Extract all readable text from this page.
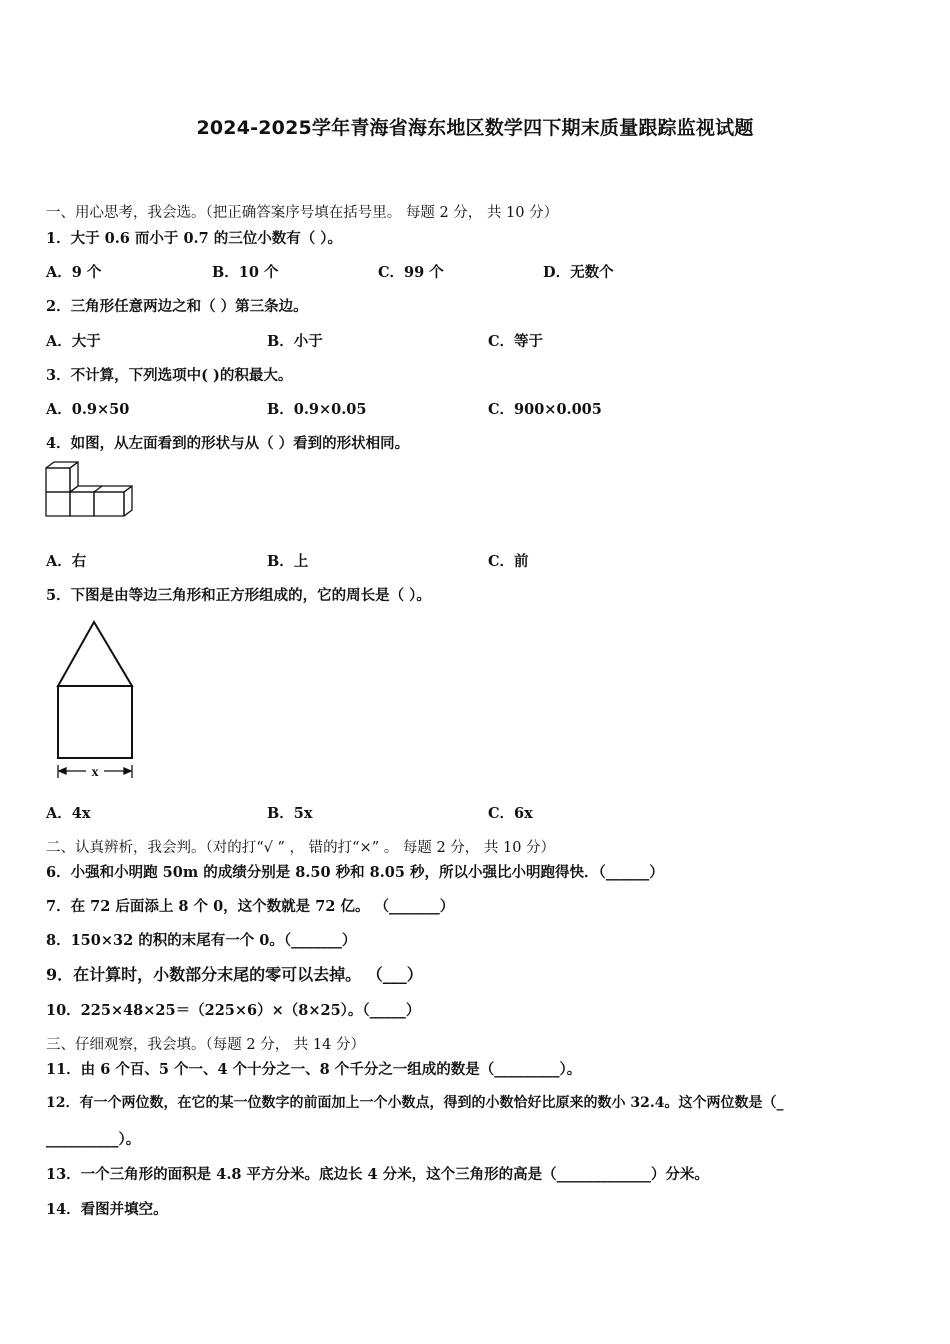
2024-2025学年青海省海东地区数学四下期末质量跟踪监视试题
一、用心思考，我会选。（把正确答案序号填在括号里。 每题 2 分， 共 10 分）
1．大于 0.6 而小于 0.7 的三位小数有（ ）。
A．9 个	B．10 个	C．99 个	D．无数个
2．三角形任意两边之和（ ）第三条边。
A．大于	B．小于	C．等于
3．不计算，下列选项中( )的积最大。
A．0.9×50	B．0.9×0.05	C．900×0.005
4．如图，从左面看到的形状与从（ ）看到的形状相同。
A．右	B．上	C．前
5．下图是由等边三角形和正方形组成的，它的周长是（ ）。
x
A．4x	B．5x	C．6x
二、认真辨析，我会判。（对的打“√ ” ， 错的打“×” 。 每题 2 分， 共 10 分）
6．小强和小明跑 50m 的成绩分别是 8.50 秒和 8.05 秒，所以小强比小明跑得快．（______）
7．在 72 后面添上 8 个 0，这个数就是 72 亿。 （_______）
8．150×32 的积的末尾有一个 0。（_______）
9．在计算时，小数部分末尾的零可以去掉。 （___）
10．225×48×25＝（225×6）×（8×25）。（_____）
三、仔细观察，我会填。（每题 2 分， 共 14 分）
11．由 6 个百、5 个一、4 个十分之一、8 个千分之一组成的数是（_________）。
12．有一个两位数，在它的某一位数字的前面加上一个小数点，得到的小数恰好比原来的数小 32.4。这个两位数是（_
__________）。
13．一个三角形的面积是 4.8 平方分米。底边长 4 分米，这个三角形的高是（_____________）分米。
14．看图并填空。
